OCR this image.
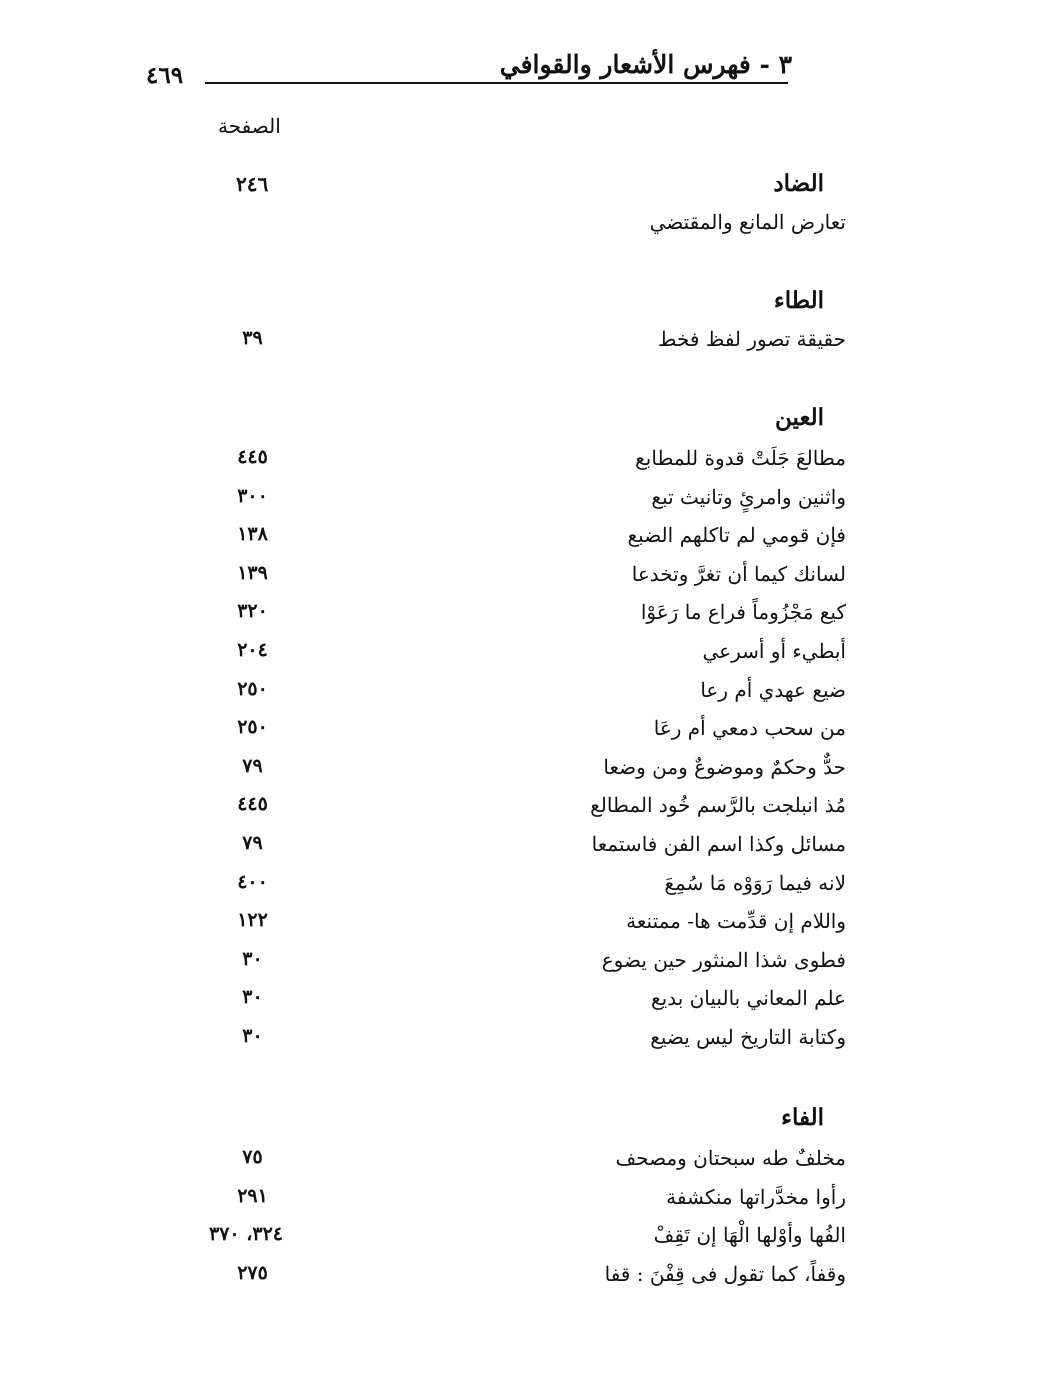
٣ - فهرس الأشعار والقوافي
٤٦٩
الصفحة
الضاد
٢٤٦
تعارض المانع والمقتضي
الطاء
حقيقة تصور لفظ فخط
٣٩
العين
مطالعَ جَلَتْ قدوة للمطابع
٤٤٥
واثنين وامرئٍ وتانيث تبع
٣٠٠
فإن قومي لم تاكلهم الضبع
١٣٨
لسانك كيما أن تغرَّ وتخدعا
١٣٩
كيع مَجْزُوماً فراع ما رَعَوْا
٣٢٠
أبطيء أو أسرعي
٢٠٤
ضيع عهدي أم رعا
٢٥٠
من سحب دمعي أم رعَا
٢٥٠
حدٌّ وحكمٌ وموضوعٌ ومن وضعا
٧٩
مُذ انبلجت بالرَّسم خُود المطالع
٤٤٥
مسائل وكذا اسم الفن فاستمعا
٧٩
لانه فيما رَوَوْه مَا سُمِعَ
٤٠٠
واللام إن قدِّمت ها- ممتنعة
١٢٢
فطوى شذا المنثور حين يضوع
٣٠
علم المعاني بالبيان بديع
٣٠
وكتابة التاريخ ليس يضيع
٣٠
الفاء
مخلفٌ طه سبحتان ومصحف
٧٥
رأوا مخدَّراتها منكشفة
٢٩١
الفُها وأوْلها الْهَا إن تَقِفْ
٣٢٤، ٣٧٠
وقفاً، كما تقول فى قِفْنَ : قفا
٢٧٥
